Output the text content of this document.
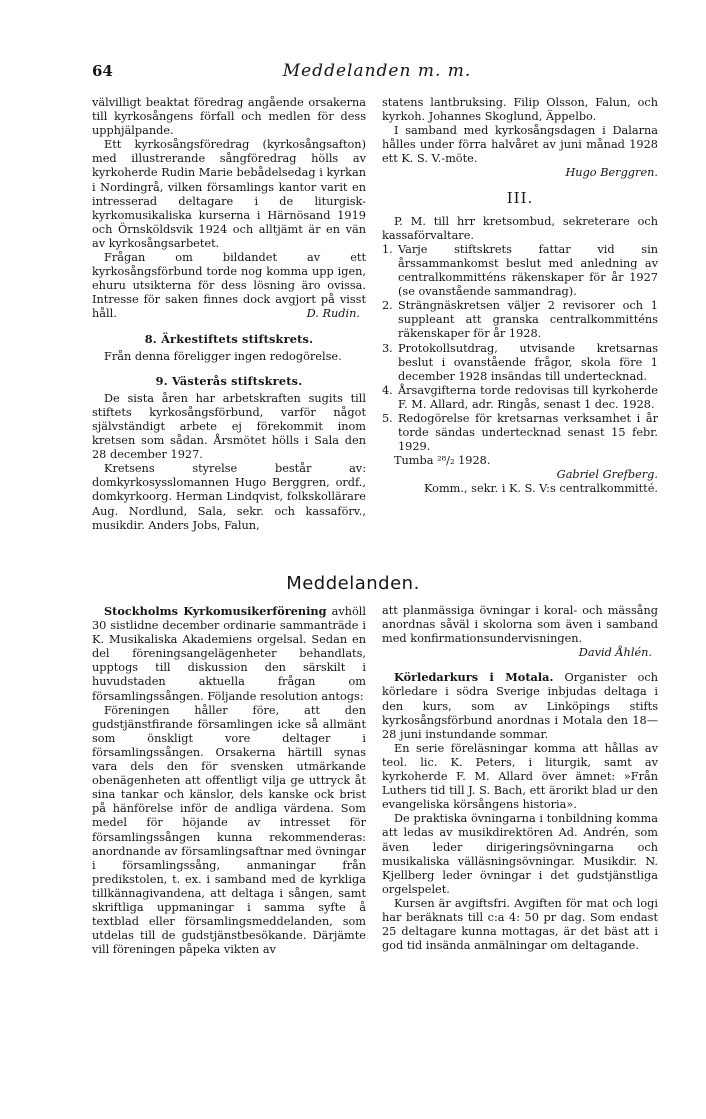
64	Meddelanden m. m.

välvilligt beaktat föredrag angående orsakerna till kyrkosångens förfall och medlen för dess upphjälpande.

Ett kyrkosångsföredrag (kyrkosångsafton) med illustrerande sångföredrag hölls av kyrkoherde Rudin Marie bebådelsedag i kyrkan i Nordingrå, vilken församlings kantor varit en intresserad deltagare i de liturgisk-kyrkomusikaliska kurserna i Härnösand 1919 och Örnsköldsvik 1924 och alltjämt är en vän av kyrkosångsarbetet.

Frågan om bildandet av ett kyrkosångsförbund torde nog komma upp igen, ehuru utsikterna för dess lösning äro ovissa. Intresse för saken finnes dock avgjort på visst håll.	D. Rudin.

8. Ärkestiftets stiftskrets.

Från denna föreligger ingen redogörelse.

9. Västerås stiftskrets.

De sista åren har arbetskraften sugits till stiftets kyrkosångsförbund, varför något självständigt arbete ej förekommit inom kretsen som sådan. Årsmötet hölls i Sala den 28 december 1927.

Kretsens styrelse består av: domkyrkosysslomannen Hugo Berggren, ordf., domkyrkoorg. Herman Lindqvist, folkskollärare Aug. Nordlund, Sala, sekr. och kassaförv., musikdir. Anders Jobs, Falun,

statens lantbruksing. Filip Olsson, Falun, och kyrkoh. Johannes Skoglund, Äppelbo.

I samband med kyrkosångsdagen i Dalarna hålles under förra halvåret av juni månad 1928 ett K. S. V.-möte.

Hugo Berggren.

III.

P. M. till hrr kretsombud, sekreterare och kassaförvaltare.

1. Varje stiftskrets fattar vid sin årssammankomst beslut med anledning av centralkommitténs räkenskaper för år 1927 (se ovanstående sammandrag).
2. Strängnäskretsen väljer 2 revisorer och 1 suppleant att granska centralkommitténs räkenskaper för år 1928.
3. Protokollsutdrag, utvisande kretsarnas beslut i ovanstående frågor, skola före 1 december 1928 insändas till undertecknad.
4. Årsavgifterna torde redovisas till kyrkoherde F. M. Allard, adr. Ringås, senast 1 dec. 1928.
5. Redogörelse för kretsarnas verksamhet i år torde sändas undertecknad senast 15 febr. 1929.

Tumba ²⁸/₂ 1928.

Gabriel Grefberg.

Komm., sekr. i K. S. V:s centralkommitté.

Meddelanden.

Stockholms Kyrkomusikerförening avhöll 30 sistlidne december ordinarie sammanträde i K. Musikaliska Akademiens orgelsal. Sedan en del föreningsangelägenheter behandlats, upptogs till diskussion den särskilt i huvudstaden aktuella frågan om församlingssången. Följande resolution antogs:

Föreningen håller före, att den gudstjänstfirande församlingen icke så allmänt som önskligt vore deltager i församlingssången. Orsakerna härtill synas vara dels den för svensken utmärkande obenägenheten att offentligt vilja ge uttryck åt sina tankar och känslor, dels kanske ock brist på hänförelse inför de andliga värdena. Som medel för höjande av intresset för församlingssången kunna rekommenderas: anordnande av församlingsaftnar med övningar i församlingssång, anmaningar från predikstolen, t. ex. i samband med de kyrkliga tillkännagivandena, att deltaga i sången, samt skriftliga uppmaningar i samma syfte å textblad eller församlingsmeddelanden, som utdelas till de gudstjänstbesökande. Därjämte vill föreningen påpeka vikten av

att planmässiga övningar i koral- och mässång anordnas såväl i skolorna som även i samband med konfirmationsundervisningen.
David Åhlén.

Körledarkurs i Motala. Organister och körledare i södra Sverige inbjudas deltaga i den kurs, som av Linköpings stifts kyrkosångsförbund anordnas i Motala den 18—28 juni instundande sommar.

En serie föreläsningar komma att hållas av teol. lic. K. Peters, i liturgik, samt av kyrkoherde F. M. Allard över ämnet: »Från Luthers tid till J. S. Bach, ett ärorikt blad ur den evangeliska körsångens historia».

De praktiska övningarna i tonbildning komma att ledas av musikdirektören Ad. Andrén, som även leder dirigeringsövningarna och musikaliska välläsningsövningar. Musikdir. N. Kjellberg leder övningar i det gudstjänstliga orgelspelet.

Kursen är avgiftsfri. Avgiften för mat och logi har beräknats till c:a 4: 50 pr dag. Som endast 25 deltagare kunna mottagas, är det bäst att i god tid insända anmälningar om deltagande.
